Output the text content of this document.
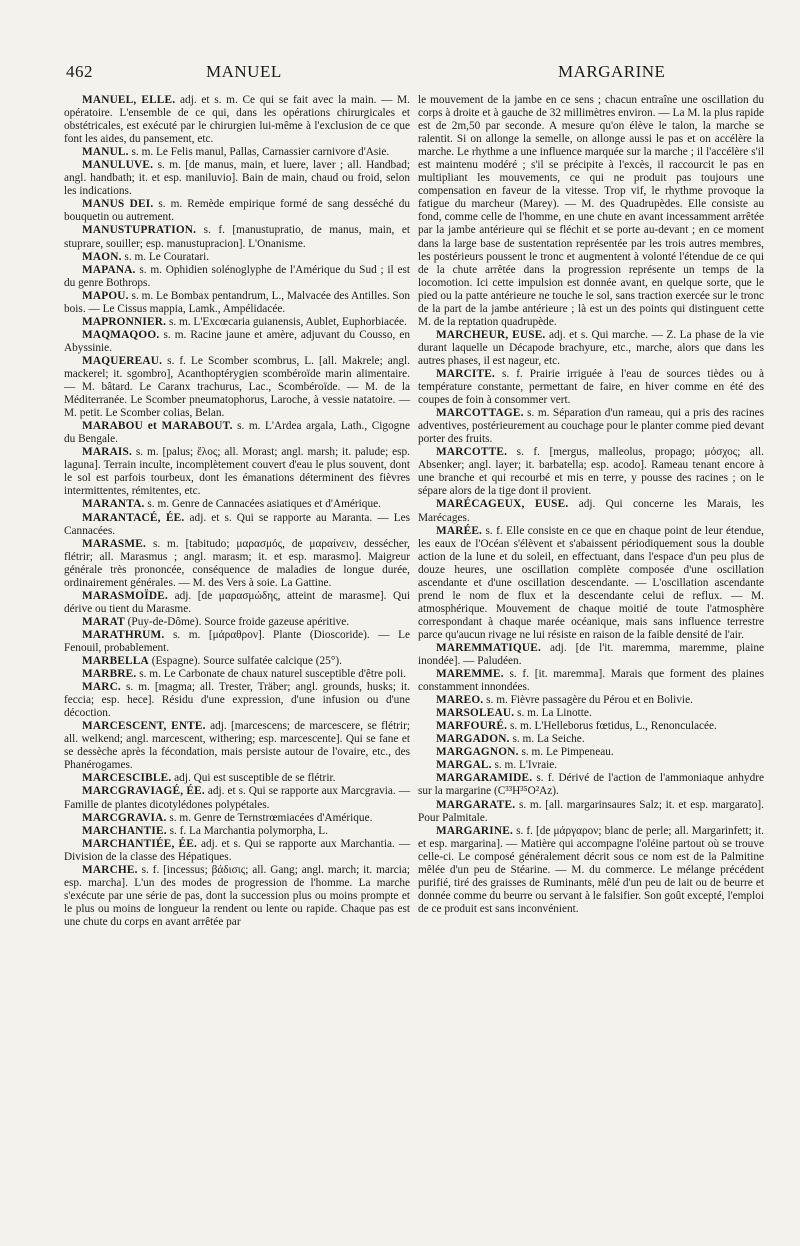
462	MANUEL	MARGARINE

MANUEL, ELLE. adj. et s. m. Ce qui se fait avec la main. — M. opératoire. L'ensemble de ce qui, dans les opérations chirurgicales et obstétricales, est exécuté par le chirurgien lui-même à l'exclusion de ce que font les aides, du pansement, etc.

MANUL. s. m. Le Felis manul, Pallas, Carnassier carnivore d'Asie.

MANULUVE. s. m. [de manus, main, et luere, laver ; all. Handbad; angl. handbath; it. et esp. maniluvio]. Bain de main, chaud ou froid, selon les indications.

MANUS DEI. s. m. Remède empirique formé de sang desséché du bouquetin ou autrement.

MANUSTUPRATION. s. f. [manustupratio, de manus, main, et stuprare, souiller; esp. manustupracion]. L'Onanisme.

MAON. s. m. Le Couratari.

MAPANA. s. m. Ophidien solénoglyphe de l'Amérique du Sud ; il est du genre Bothrops.

MAPOU. s. m. Le Bombax pentandrum, L., Malvacée des Antilles. Son bois. — Le Cissus mappia, Lamk., Ampélidacée.

MAPRONNIER. s. m. L'Excœcaria guianensis, Aublet, Euphorbiacée.

MAQMAQOO. s. m. Racine jaune et amère, adjuvant du Cousso, en Abyssinie.

MAQUEREAU. s. f. Le Scomber scombrus, L. [all. Makrele; angl. mackerel; it. sgombro], Acanthoptérygien scombéroïde marin alimentaire. — M. bâtard. Le Caranx trachurus, Lac., Scombéroïde. — M. de la Méditerranée. Le Scomber pneumatophorus, Laroche, à vessie natatoire. — M. petit. Le Scomber colias, Belan.

MARABOU et MARABOUT. s. m. L'Ardea argala, Lath., Cigogne du Bengale.

MARAIS. s. m. [palus; ἕλος; all. Morast; angl. marsh; it. palude; esp. laguna]. Terrain inculte, incomplètement couvert d'eau le plus souvent, dont le sol est parfois tourbeux, dont les émanations déterminent des fièvres intermittentes, rémitentes, etc.

MARANTA. s. m. Genre de Cannacées asiatiques et d'Amérique.

MARANTACÉ, ÉE. adj. et s. Qui se rapporte au Maranta. — Les Cannacées.

MARASME. s. m. [tabitudo; μαρασμός, de μαραίνειν, dessécher, flétrir; all. Marasmus ; angl. marasm; it. et esp. marasmo]. Maigreur générale très prononcée, conséquence de maladies de longue durée, ordinairement générales. — M. des Vers à soie. La Gattine.

MARASMOÏDE. adj. [de μαρασμώδης, atteint de marasme]. Qui dérive ou tient du Marasme.

MARAT (Puy-de-Dôme). Source froide gazeuse apéritive.

MARATHRUM. s. m. [μάραθρον]. Plante (Dioscoride). — Le Fenouil, probablement.

MARBELLA (Espagne). Source sulfatée calcique (25°).

MARBRE. s. m. Le Carbonate de chaux naturel susceptible d'être poli.

MARC. s. m. [magma; all. Trester, Träber; angl. grounds, husks; it. feccia; esp. hece]. Résidu d'une expression, d'une infusion ou d'une décoction.

MARCESCENT, ENTE. adj. [marcescens; de marcescere, se flétrir; all. welkend; angl. marcescent, withering; esp. marcescente]. Qui se fane et se dessèche après la fécondation, mais persiste autour de l'ovaire, etc., des Phanérogames.

MARCESCIBLE. adj. Qui est susceptible de se flétrir.

MARCGRAVIAGÉ, ÉE. adj. et s. Qui se rapporte aux Marcgravia. — Famille de plantes dicotylédones polypétales.

MARCGRAVIA. s. m. Genre de Ternstrœmiacées d'Amérique.

MARCHANTIE. s. f. La Marchantia polymorpha, L.

MARCHANTIÉE, ÉE. adj. et s. Qui se rapporte aux Marchantia. — Division de la classe des Hépatiques.

MARCHE. s. f. [incessus; βάδισις; all. Gang; angl. march; it. marcia; esp. marcha]. L'un des modes de progression de l'homme. La marche s'exécute par une série de pas, dont la succession plus ou moins prompte et le plus ou moins de longueur la rendent ou lente ou rapide. Chaque pas est une chute du corps en avant arrêtée par

le mouvement de la jambe en ce sens ; chacun entraîne une oscillation du corps à droite et à gauche de 32 millimètres environ. — La M. la plus rapide est de 2m,50 par seconde. A mesure qu'on élève le talon, la marche se ralentit. Si on allonge la semelle, on allonge aussi le pas et on accélère la marche. Le rhythme a une influence marquée sur la marche ; il l'accélère s'il est maintenu modéré ; s'il se précipite à l'excès, il raccourcit le pas en multipliant les mouvements, ce qui ne produit pas toujours une compensation en faveur de la vitesse. Trop vif, le rhythme provoque la fatigue du marcheur (Marey). — M. des Quadrupèdes. Elle consiste au fond, comme celle de l'homme, en une chute en avant incessamment arrêtée par la jambe antérieure qui se fléchit et se porte au-devant ; en ce moment dans la large base de sustentation représentée par les trois autres membres, les postérieurs poussent le tronc et augmentent à volonté l'étendue de ce qui de la chute arrêtée dans la progression représente un temps de la locomotion. Ici cette impulsion est donnée avant, en quelque sorte, que le pied ou la patte antérieure ne touche le sol, sans traction exercée sur le tronc de la part de la jambe antérieure ; là est un des points qui distinguent cette M. de la reptation quadrupède.

MARCHEUR, EUSE. adj. et s. Qui marche. — Z. La phase de la vie durant laquelle un Décapode brachyure, etc., marche, alors que dans les autres phases, il est nageur, etc.

MARCITE. s. f. Prairie irriguée à l'eau de sources tièdes ou à température constante, permettant de faire, en hiver comme en été des coupes de foin à consommer vert.

MARCOTTAGE. s. m. Séparation d'un rameau, qui a pris des racines adventives, postérieurement au couchage pour le planter comme pied devant porter des fruits.

MARCOTTE. s. f. [mergus, malleolus, propago; μόσχος; all. Absenker; angl. layer; it. barbatella; esp. acodo]. Rameau tenant encore à une branche et qui recourbé et mis en terre, y pousse des racines ; on le sépare alors de la tige dont il provient.

MARÉCAGEUX, EUSE. adj. Qui concerne les Marais, les Marécages.

MARÉE. s. f. Elle consiste en ce que en chaque point de leur étendue, les eaux de l'Océan s'élèvent et s'abaissent périodiquement sous la double action de la lune et du soleil, en effectuant, dans l'espace d'un peu plus de douze heures, une oscillation complète composée d'une oscillation ascendante et d'une oscillation descendante. — L'oscillation ascendante prend le nom de flux et la descendante celui de reflux. — M. atmosphérique. Mouvement de chaque moitié de toute l'atmosphère correspondant à chaque marée océanique, mais sans influence terrestre parce qu'aucun rivage ne lui résiste en raison de la faible densité de l'air.

MAREMMATIQUE. adj. [de l'it. maremma, maremme, plaine inondée]. — Paludéen.

MAREMME. s. f. [it. maremma]. Marais que forment des plaines constamment innondées.

MAREO. s. m. Fièvre passagère du Pérou et en Bolivie.

MARSOLEAU. s. m. La Linotte.

MARFOURÉ. s. m. L'Helleborus fœtidus, L., Renonculacée.

MARGADON. s. m. La Seiche.

MARGAGNON. s. m. Le Pimpeneau.

MARGAL. s. m. L'Ivraie.

MARGARAMIDE. s. f. Dérivé de l'action de l'ammoniaque anhydre sur la margarine (C³³H³⁵O²Az).

MARGARATE. s. m. [all. margarinsaures Salz; it. et esp. margarato]. Pour Palmitale.

MARGARINE. s. f. [de μάργαρον; blanc de perle; all. Margarinfett; it. et esp. margarina]. — Matière qui accompagne l'oléine partout où se trouve celle-ci. Le composé généralement décrit sous ce nom est de la Palmitine mêlée d'un peu de Stéarine. — M. du commerce. Le mélange précédent purifié, tiré des graisses de Ruminants, mêlé d'un peu de lait ou de beurre et donnée comme du beurre ou servant à le falsifier. Son goût excepté, l'emploi de ce produit est sans inconvénient.
